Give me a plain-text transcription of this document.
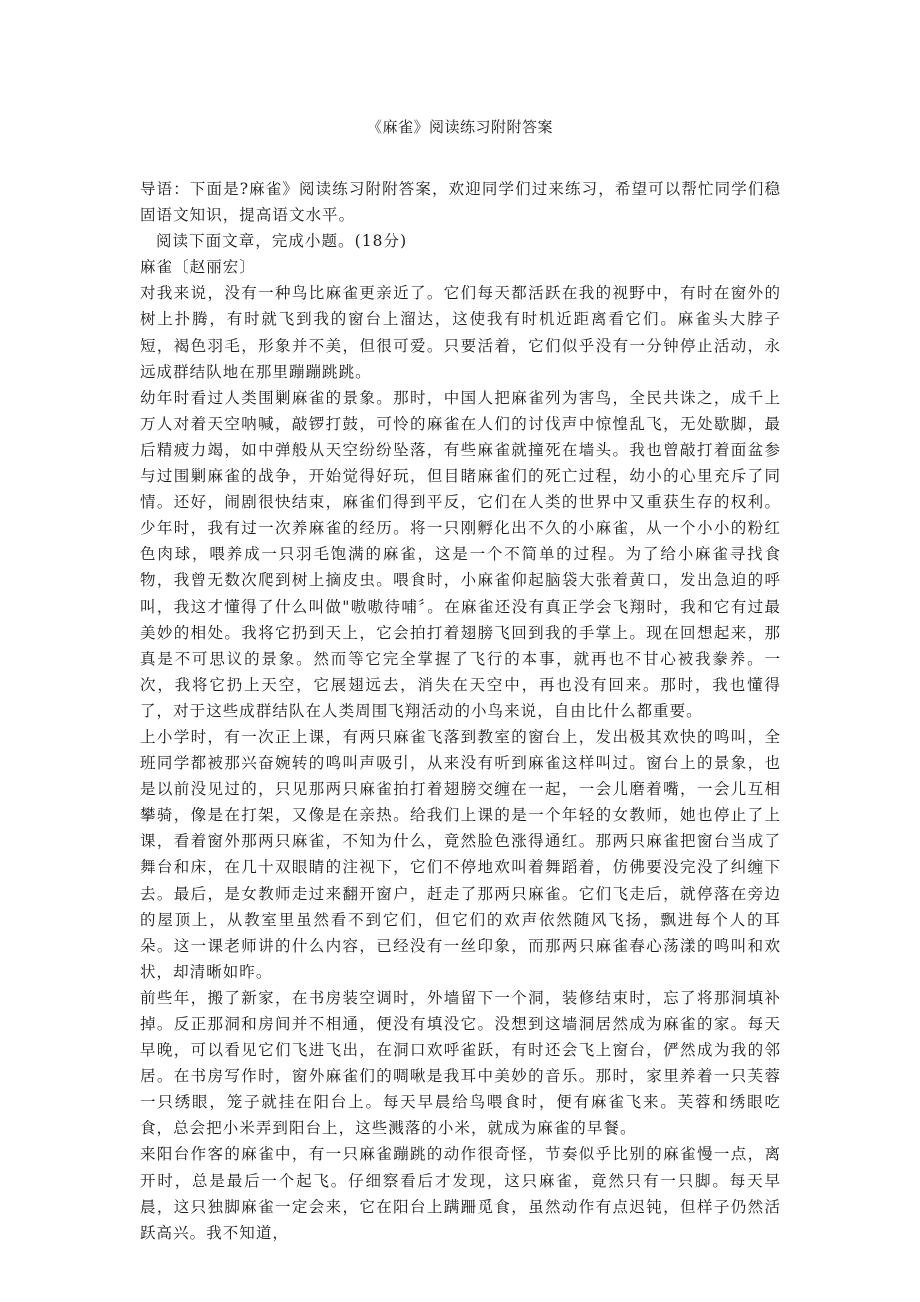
《麻雀》阅读练习附附答案

导语：下面是?麻雀》阅读练习附附答案，欢迎同学们过来练习，希望可以帮忙同学们稳固语文知识，提高语文水平。

阅读下面文章，完成小题。(18分)

麻雀〔赵丽宏〕

对我来说，没有一种鸟比麻雀更亲近了。它们每天都活跃在我的视野中，有时在窗外的树上扑腾，有时就飞到我的窗台上溜达，这使我有时机近距离看它们。麻雀头大脖子短，褐色羽毛，形象并不美，但很可爱。只要活着，它们似乎没有一分钟停止活动，永远成群结队地在那里蹦蹦跳跳。

幼年时看过人类围剿麻雀的景象。那时，中国人把麻雀列为害鸟，全民共诛之，成千上万人对着天空呐喊，敲锣打鼓，可怜的麻雀在人们的讨伐声中惊惶乱飞，无处歇脚，最后精疲力竭，如中弹般从天空纷纷坠落，有些麻雀就撞死在墙头。我也曾敲打着面盆参与过围剿麻雀的战争，开始觉得好玩，但目睹麻雀们的死亡过程，幼小的心里充斥了同情。还好，闹剧很快结束，麻雀们得到平反，它们在人类的世界中又重获生存的权利。少年时，我有过一次养麻雀的经历。将一只刚孵化出不久的小麻雀，从一个小小的粉红色肉球，喂养成一只羽毛饱满的麻雀，这是一个不简单的过程。为了给小麻雀寻找食物，我曾无数次爬到树上摘皮虫。喂食时，小麻雀仰起脑袋大张着黄口，发出急迫的呼叫，我这才懂得了什么叫做"嗷嗷待哺〞。在麻雀还没有真正学会飞翔时，我和它有过最美妙的相处。我将它扔到天上，它会拍打着翅膀飞回到我的手掌上。现在回想起来，那真是不可思议的景象。然而等它完全掌握了飞行的本事，就再也不甘心被我豢养。一次，我将它扔上天空，它展翅远去，消失在天空中，再也没有回来。那时，我也懂得了，对于这些成群结队在人类周围飞翔活动的小鸟来说，自由比什么都重要。

上小学时，有一次正上课，有两只麻雀飞落到教室的窗台上，发出极其欢快的鸣叫，全班同学都被那兴奋婉转的鸣叫声吸引，从来没有听到麻雀这样叫过。窗台上的景象，也是以前没见过的，只见那两只麻雀拍打着翅膀交缠在一起，一会儿磨着嘴，一会儿互相攀骑，像是在打架，又像是在亲热。给我们上课的是一个年轻的女教师，她也停止了上课，看着窗外那两只麻雀，不知为什么，竟然脸色涨得通红。那两只麻雀把窗台当成了舞台和床，在几十双眼睛的注视下，它们不停地欢叫着舞蹈着，仿佛要没完没了纠缠下去。最后，是女教师走过来翻开窗户，赶走了那两只麻雀。它们飞走后，就停落在旁边的屋顶上，从教室里虽然看不到它们，但它们的欢声依然随风飞扬，飘进每个人的耳朵。这一课老师讲的什么内容，已经没有一丝印象，而那两只麻雀春心荡漾的鸣叫和欢状，却清晰如昨。

前些年，搬了新家，在书房装空调时，外墙留下一个洞，装修结束时，忘了将那洞填补掉。反正那洞和房间并不相通，便没有填没它。没想到这墙洞居然成为麻雀的家。每天早晚，可以看见它们飞进飞出，在洞口欢呼雀跃，有时还会飞上窗台，俨然成为我的邻居。在书房写作时，窗外麻雀们的啁啾是我耳中美妙的音乐。那时，家里养着一只芙蓉一只绣眼，笼子就挂在阳台上。每天早晨给鸟喂食时，便有麻雀飞来。芙蓉和绣眼吃食，总会把小米弄到阳台上，这些溅落的小米，就成为麻雀的早餐。

来阳台作客的麻雀中，有一只麻雀蹦跳的动作很奇怪，节奏似乎比别的麻雀慢一点，离开时，总是最后一个起飞。仔细察看后才发现，这只麻雀，竟然只有一只脚。每天早晨，这只独脚麻雀一定会来，它在阳台上蹒跚觅食，虽然动作有点迟钝，但样子仍然活跃高兴。我不知道，
